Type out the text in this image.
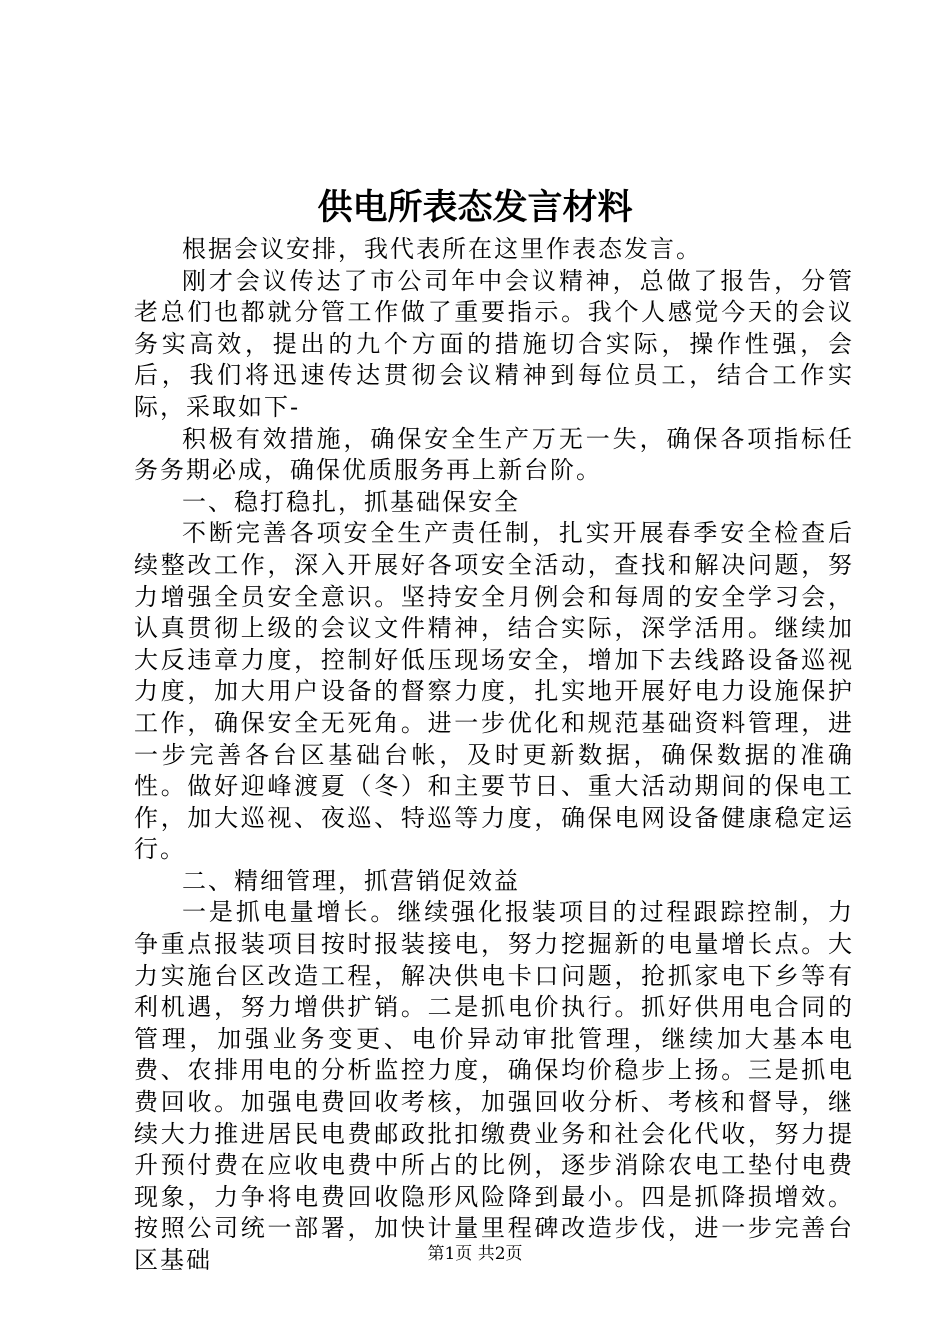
供电所表态发言材料

根据会议安排，我代表所在这里作表态发言。

刚才会议传达了市公司年中会议精神，总做了报告，分管老总们也都就分管工作做了重要指示。我个人感觉今天的会议务实高效，提出的九个方面的措施切合实际，操作性强，会后，我们将迅速传达贯彻会议精神到每位员工，结合工作实际，采取如下-

积极有效措施，确保安全生产万无一失，确保各项指标任务务期必成，确保优质服务再上新台阶。

一、稳打稳扎，抓基础保安全

不断完善各项安全生产责任制，扎实开展春季安全检查后续整改工作，深入开展好各项安全活动，查找和解决问题，努力增强全员安全意识。坚持安全月例会和每周的安全学习会，认真贯彻上级的会议文件精神，结合实际，深学活用。继续加大反违章力度，控制好低压现场安全，增加下去线路设备巡视力度，加大用户设备的督察力度，扎实地开展好电力设施保护工作，确保安全无死角。进一步优化和规范基础资料管理，进一步完善各台区基础台帐，及时更新数据，确保数据的准确性。做好迎峰渡夏（冬）和主要节日、重大活动期间的保电工作，加大巡视、夜巡、特巡等力度，确保电网设备健康稳定运行。

二、精细管理，抓营销促效益

一是抓电量增长。继续强化报装项目的过程跟踪控制，力争重点报装项目按时报装接电，努力挖掘新的电量增长点。大力实施台区改造工程，解决供电卡口问题，抢抓家电下乡等有利机遇，努力增供扩销。二是抓电价执行。抓好供用电合同的管理，加强业务变更、电价异动审批管理，继续加大基本电费、农排用电的分析监控力度，确保均价稳步上扬。三是抓电费回收。加强电费回收考核，加强回收分析、考核和督导，继续大力推进居民电费邮政批扣缴费业务和社会化代收，努力提升预付费在应收电费中所占的比例，逐步消除农电工垫付电费现象，力争将电费回收隐形风险降到最小。四是抓降损增效。按照公司统一部署，加快计量里程碑改造步伐，进一步完善台区基础	第1页 共2页
